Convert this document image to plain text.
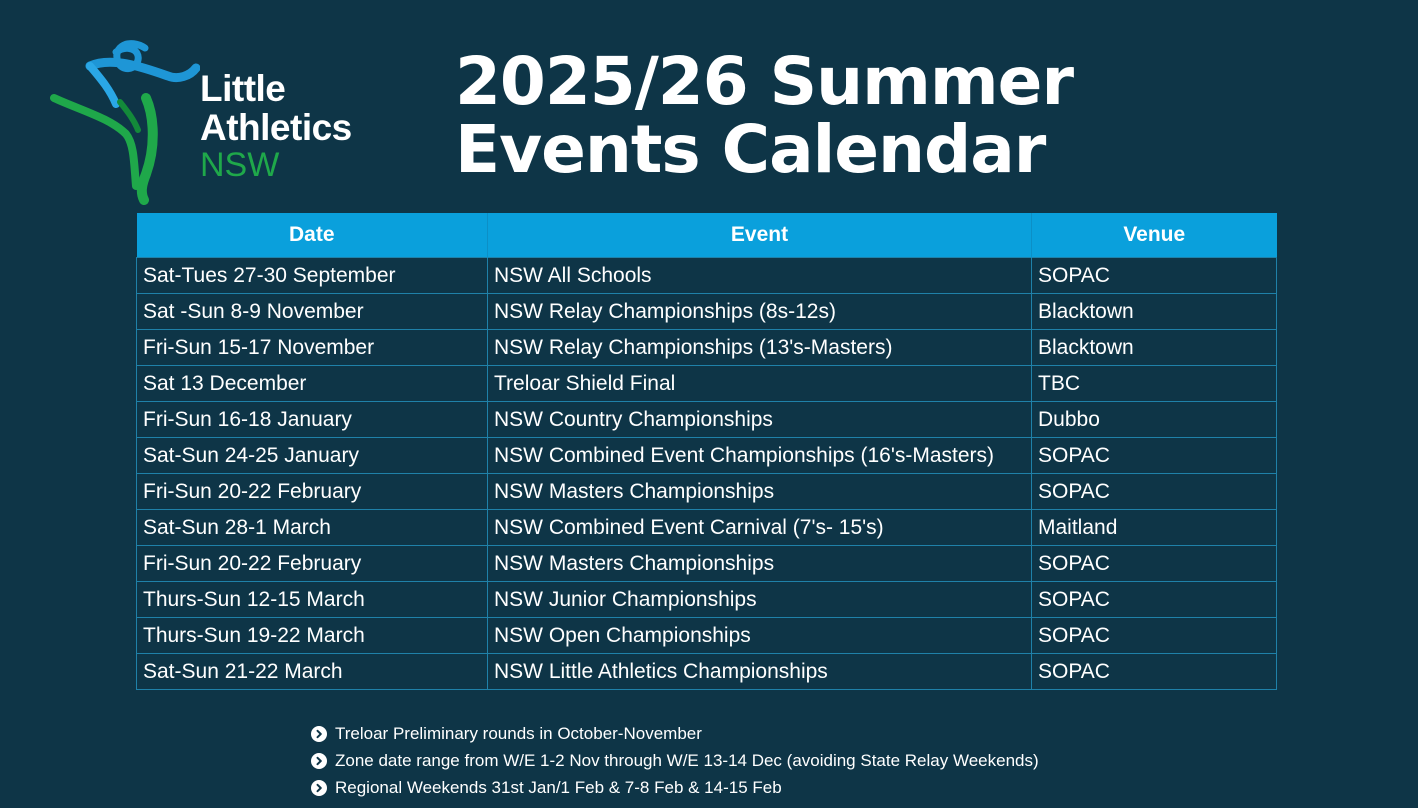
Little
Athletics
NSW
2025/26 Summer
Events Calendar
Date	Event	Venue
Sat-Tues 27-30 September	NSW All Schools	SOPAC
Sat -Sun 8-9 November	NSW Relay Championships (8s-12s)	Blacktown
Fri-Sun 15-17 November	NSW Relay Championships (13's-Masters)	Blacktown
Sat 13 December	Treloar Shield Final	TBC
Fri-Sun 16-18 January	NSW Country Championships	Dubbo
Sat-Sun 24-25 January	NSW Combined Event Championships (16's-Masters)	SOPAC
Fri-Sun 20-22 February	NSW Masters Championships	SOPAC
Sat-Sun 28-1 March	NSW Combined Event Carnival (7's- 15's)	Maitland
Fri-Sun 20-22 February	NSW Masters Championships	SOPAC
Thurs-Sun 12-15 March	NSW Junior Championships	SOPAC
Thurs-Sun 19-22 March	NSW Open Championships	SOPAC
Sat-Sun 21-22 March	NSW Little Athletics Championships	SOPAC
Treloar Preliminary rounds in October-November
Zone date range from W/E 1-2 Nov through W/E 13-14 Dec (avoiding State Relay Weekends)
Regional Weekends 31st Jan/1 Feb & 7-8 Feb & 14-15 Feb
